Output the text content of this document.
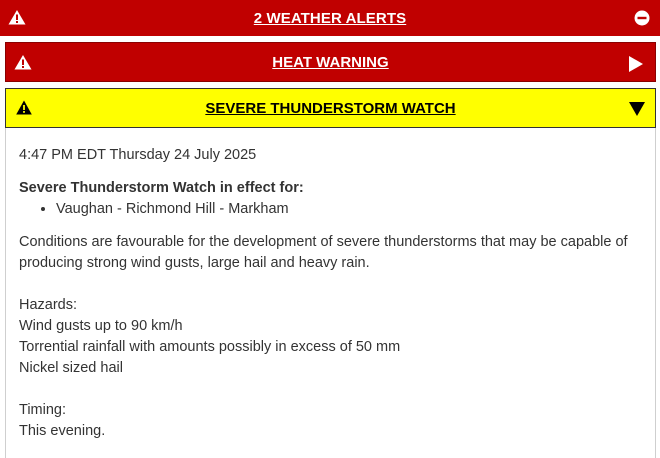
2 WEATHER ALERTS
HEAT WARNING
SEVERE THUNDERSTORM WATCH

4:47 PM EDT Thursday 24 July 2025

Severe Thunderstorm Watch in effect for:

• Vaughan - Richmond Hill - Markham

Conditions are favourable for the development of severe thunderstorms that may be capable of producing strong wind gusts, large hail and heavy rain.

Hazards:

Wind gusts up to 90 km/h

Torrential rainfall with amounts possibly in excess of 50 mm

Nickel sized hail

Timing:

This evening.
